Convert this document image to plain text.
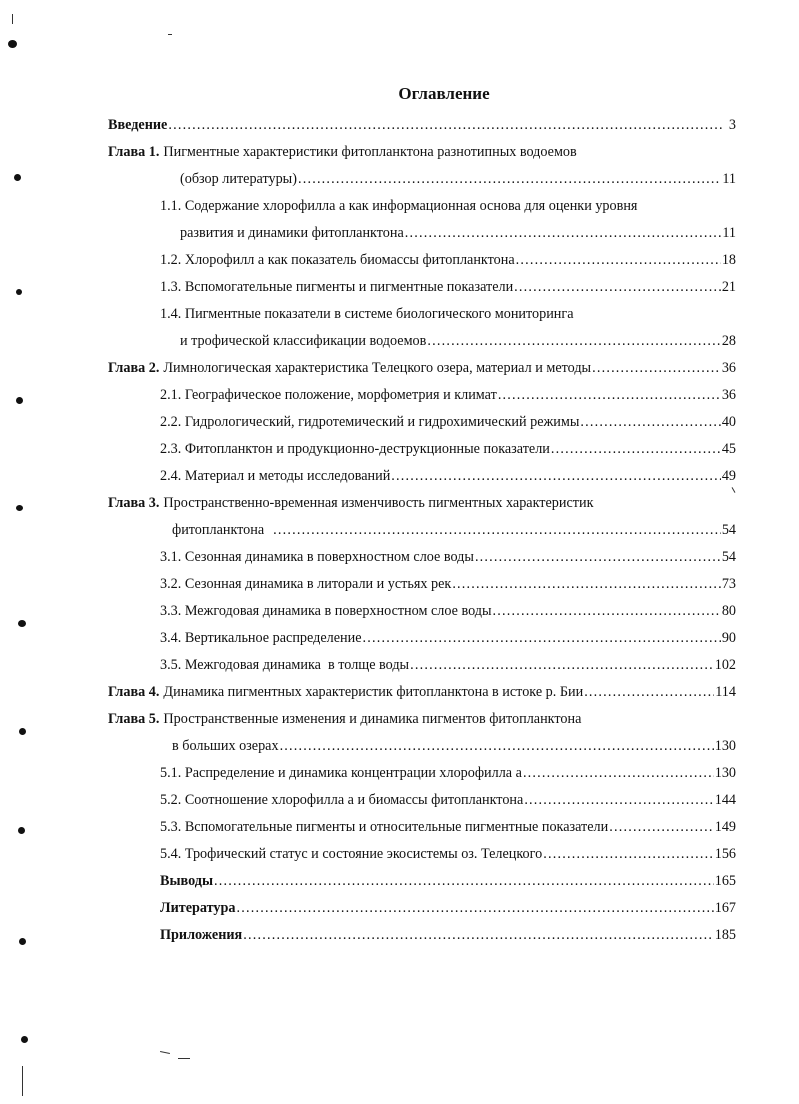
Оглавление
Введение .....	3
Глава 1. Пигментные характеристики фитопланктона разнотипных водоемов
(обзор литературы) .....	11
1.1. Содержание хлорофилла а как информационная основа для оценки уровня
развития и динамики фитопланктона .....	11
1.2. Хлорофилл а как показатель биомассы фитопланктона .....	18
1.3. Вспомогательные пигменты и пигментные показатели .....	21
1.4. Пигментные показатели в системе биологического мониторинга
и трофической классификации водоемов .....	28
Глава 2. Лимнологическая характеристика Телецкого озера, материал и методы .....	36
2.1. Географическое положение, морфометрия и климат .....	36
2.2. Гидрологический, гидротемический и гидрохимический режимы .....	40
2.3. Фитопланктон и продукционно-деструкционные показатели .....	45
2.4. Материал и методы исследований .....	49
Глава 3. Пространственно-временная изменчивость пигментных характеристик
фитопланктона .....	54
3.1. Сезонная динамика в поверхностном слое воды .....	54
3.2. Сезонная динамика в литорали и устьях рек .....	73
3.3. Межгодовая динамика в поверхностном слое воды .....	80
3.4. Вертикальное распределение .....	90
3.5. Межгодовая динамика  в толще воды .....	102
Глава 4. Динамика пигментных характеристик фитопланктона в истоке р. Бии .....	114
Глава 5. Пространственные изменения и динамика пигментов фитопланктона
в больших озерах .....	130
5.1. Распределение и динамика концентрации хлорофилла а .....	130
5.2. Соотношение хлорофилла а и биомассы фитопланктона .....	144
5.3. Вспомогательные пигменты и относительные пигментные показатели .....	149
5.4. Трофический статус и состояние экосистемы оз. Телецкого .....	156
Выводы .....	165
Литература .....	167
Приложения .....	185
